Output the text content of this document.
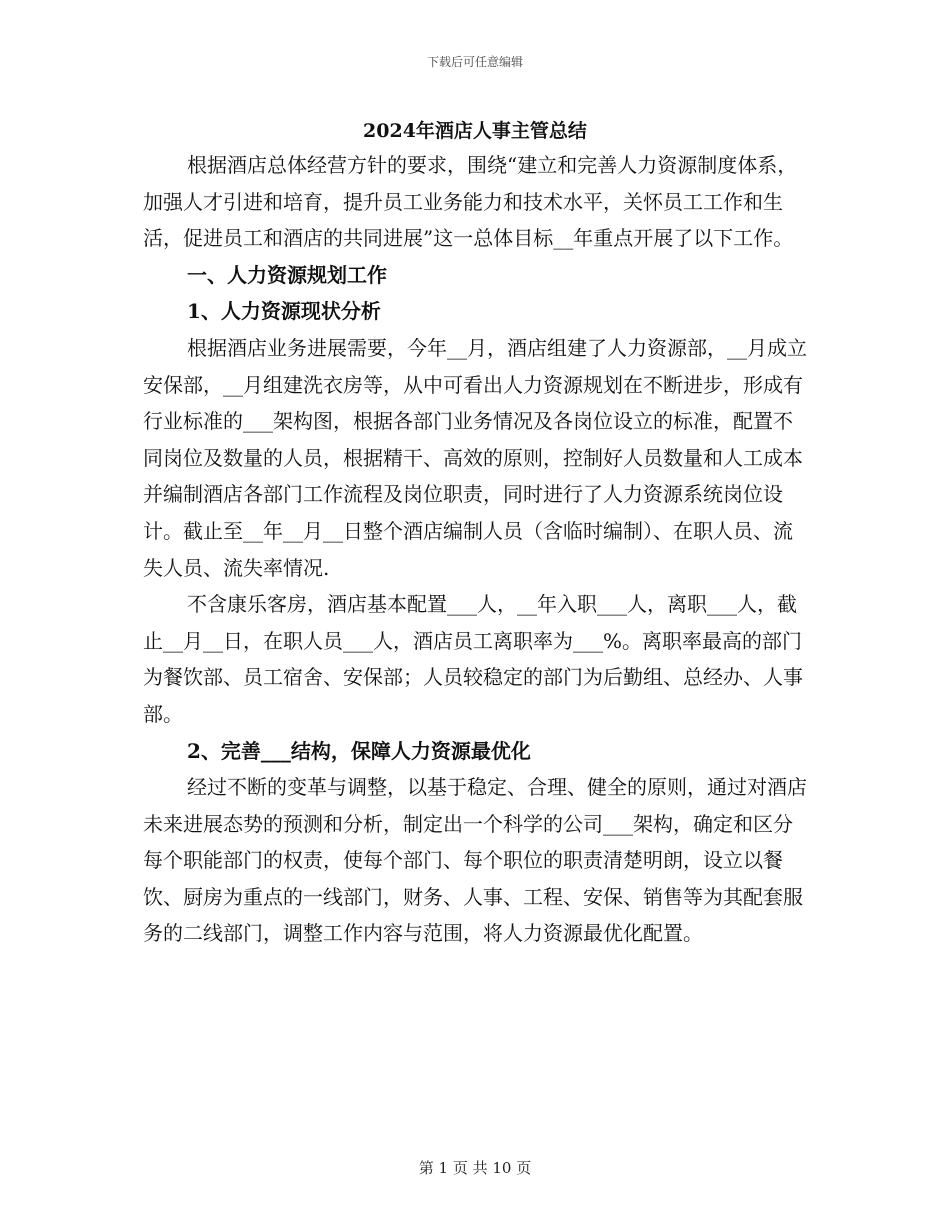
下载后可任意编辑
2024年酒店人事主管总结

根据酒店总体经营方针的要求，围绕“建立和完善人力资源制度体系，加强人才引进和培育，提升员工业务能力和技术水平，关怀员工工作和生活，促进员工和酒店的共同进展”这一总体目标__年重点开展了以下工作。

一、人力资源规划工作

1、人力资源现状分析

根据酒店业务进展需要，今年__月，酒店组建了人力资源部，__月成立安保部，__月组建洗衣房等，从中可看出人力资源规划在不断进步，形成有行业标准的___架构图，根据各部门业务情况及各岗位设立的标准，配置不同岗位及数量的人员，根据精干、高效的原则，控制好人员数量和人工成本并编制酒店各部门工作流程及岗位职责，同时进行了人力资源系统岗位设计。截止至__年__月__日整个酒店编制人员（含临时编制）、在职人员、流失人员、流失率情况.

不含康乐客房，酒店基本配置___人，__年入职___人，离职___人，截止__月__日，在职人员___人，酒店员工离职率为___%。离职率最高的部门为餐饮部、员工宿舍、安保部；人员较稳定的部门为后勤组、总经办、人事部。

2、完善___结构，保障人力资源最优化

经过不断的变革与调整，以基于稳定、合理、健全的原则，通过对酒店未来进展态势的预测和分析，制定出一个科学的公司___架构，确定和区分每个职能部门的权责，使每个部门、每个职位的职责清楚明朗，设立以餐饮、厨房为重点的一线部门，财务、人事、工程、安保、销售等为其配套服务的二线部门，调整工作内容与范围，将人力资源最优化配置。

第 1 页 共 10 页
